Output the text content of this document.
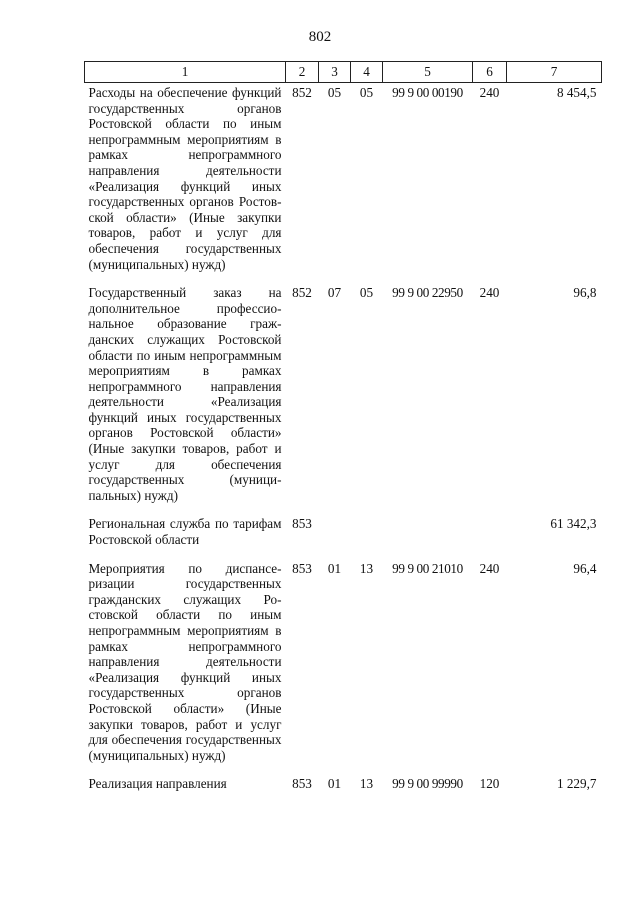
802
1	2	3	4	5	6	7
Расходы на обеспечение функций государственных органов Ростовской области по иным непрограммным мероприятиям в рамках непрограммного направления деятельности «Реализация функций иных государственных органов Ростовской области» (Иные закупки товаров, работ и услуг для обеспечения государственных (муниципальных) нужд)	852	05	05	99 9 00 00190	240	8 454,5
Государственный заказ на дополнительное профессиональное образование гражданских служащих Ростовской области по иным непрограммным мероприятиям в рамках непрограммного направления деятельности «Реализация функций иных государственных органов Ростовской области» (Иные закупки товаров, работ и услуг для обеспечения государственных (муниципальных) нужд)	852	07	05	99 9 00 22950	240	96,8
Региональная служба по тарифам Ростовской области	853					61 342,3
Мероприятия по диспансеризации государственных гражданских служащих Ростовской области по иным непрограммным мероприятиям в рамках непрограммного направления деятельности «Реализация функций иных государственных органов Ростовской области» (Иные закупки товаров, работ и услуг для обеспечения государственных (муниципальных) нужд)	853	01	13	99 9 00 21010	240	96,4
Реализация направления	853	01	13	99 9 00 99990	120	1 229,7
